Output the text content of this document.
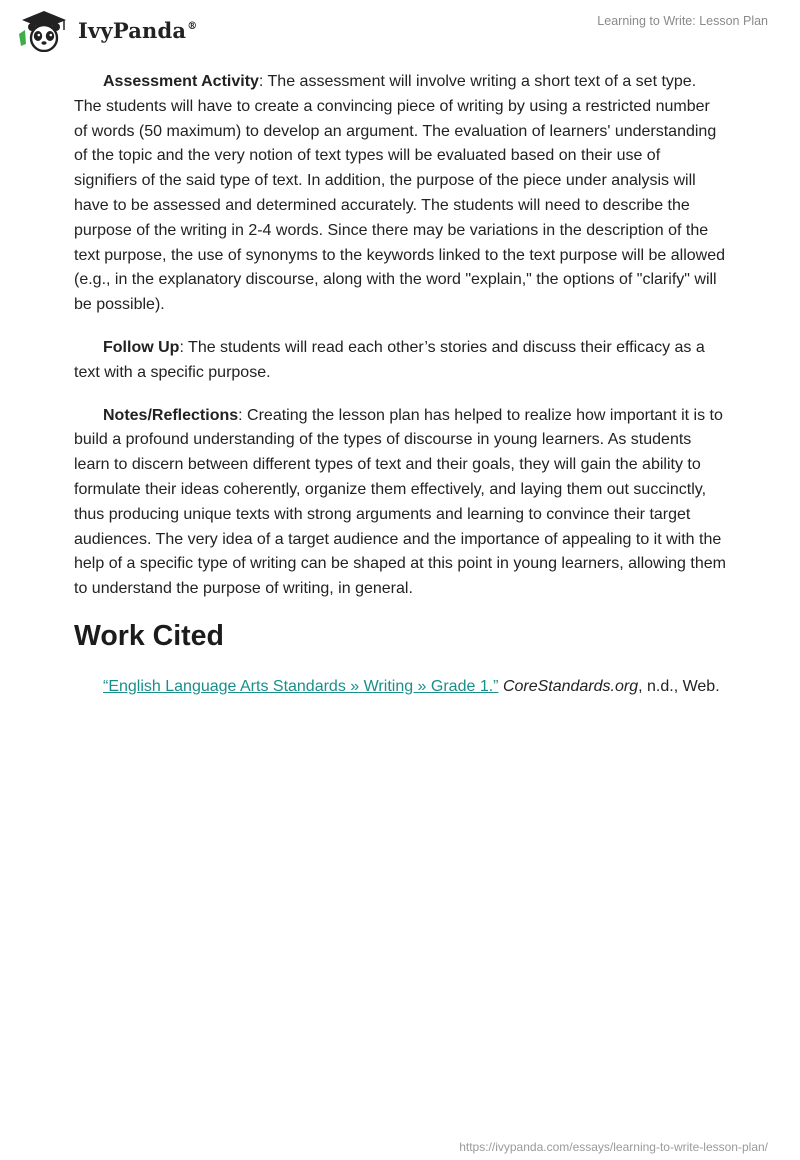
IvyPanda®	Learning to Write: Lesson Plan

Assessment Activity: The assessment will involve writing a short text of a set type. The students will have to create a convincing piece of writing by using a restricted number of words (50 maximum) to develop an argument. The evaluation of learners' understanding of the topic and the very notion of text types will be evaluated based on their use of signifiers of the said type of text. In addition, the purpose of the piece under analysis will have to be assessed and determined accurately. The students will need to describe the purpose of the writing in 2-4 words. Since there may be variations in the description of the text purpose, the use of synonyms to the keywords linked to the text purpose will be allowed (e.g., in the explanatory discourse, along with the word "explain," the options of "clarify" will be possible).

Follow Up: The students will read each other’s stories and discuss their efficacy as a text with a specific purpose.

Notes/Reflections: Creating the lesson plan has helped to realize how important it is to build a profound understanding of the types of discourse in young learners. As students learn to discern between different types of text and their goals, they will gain the ability to formulate their ideas coherently, organize them effectively, and laying them out succinctly, thus producing unique texts with strong arguments and learning to convince their target audiences. The very idea of a target audience and the importance of appealing to it with the help of a specific type of writing can be shaped at this point in young learners, allowing them to understand the purpose of writing, in general.

Work Cited

“English Language Arts Standards » Writing » Grade 1.” CoreStandards.org, n.d., Web.

https://ivypanda.com/essays/learning-to-write-lesson-plan/
